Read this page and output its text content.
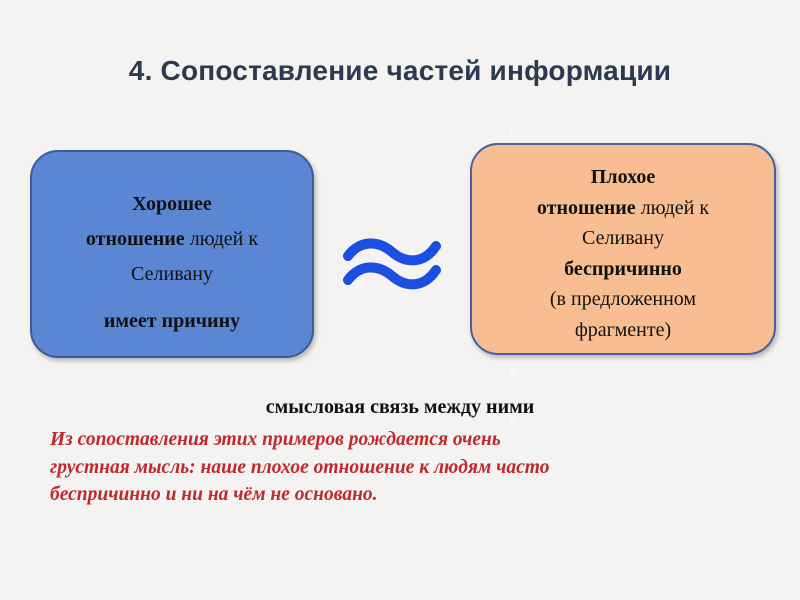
4. Сопоставление частей информации
Хорошее
отношение людей к
Селивану
имеет причину
Плохое
отношение людей к
Селивану
беспричинно
(в предложенном
фрагменте)
т
д
к
смысловая связь между ними
Из сопоставления этих примеров рождается очень
грустная мысль: наше плохое отношение к людям часто
беспричинно и ни на чём не основано.
